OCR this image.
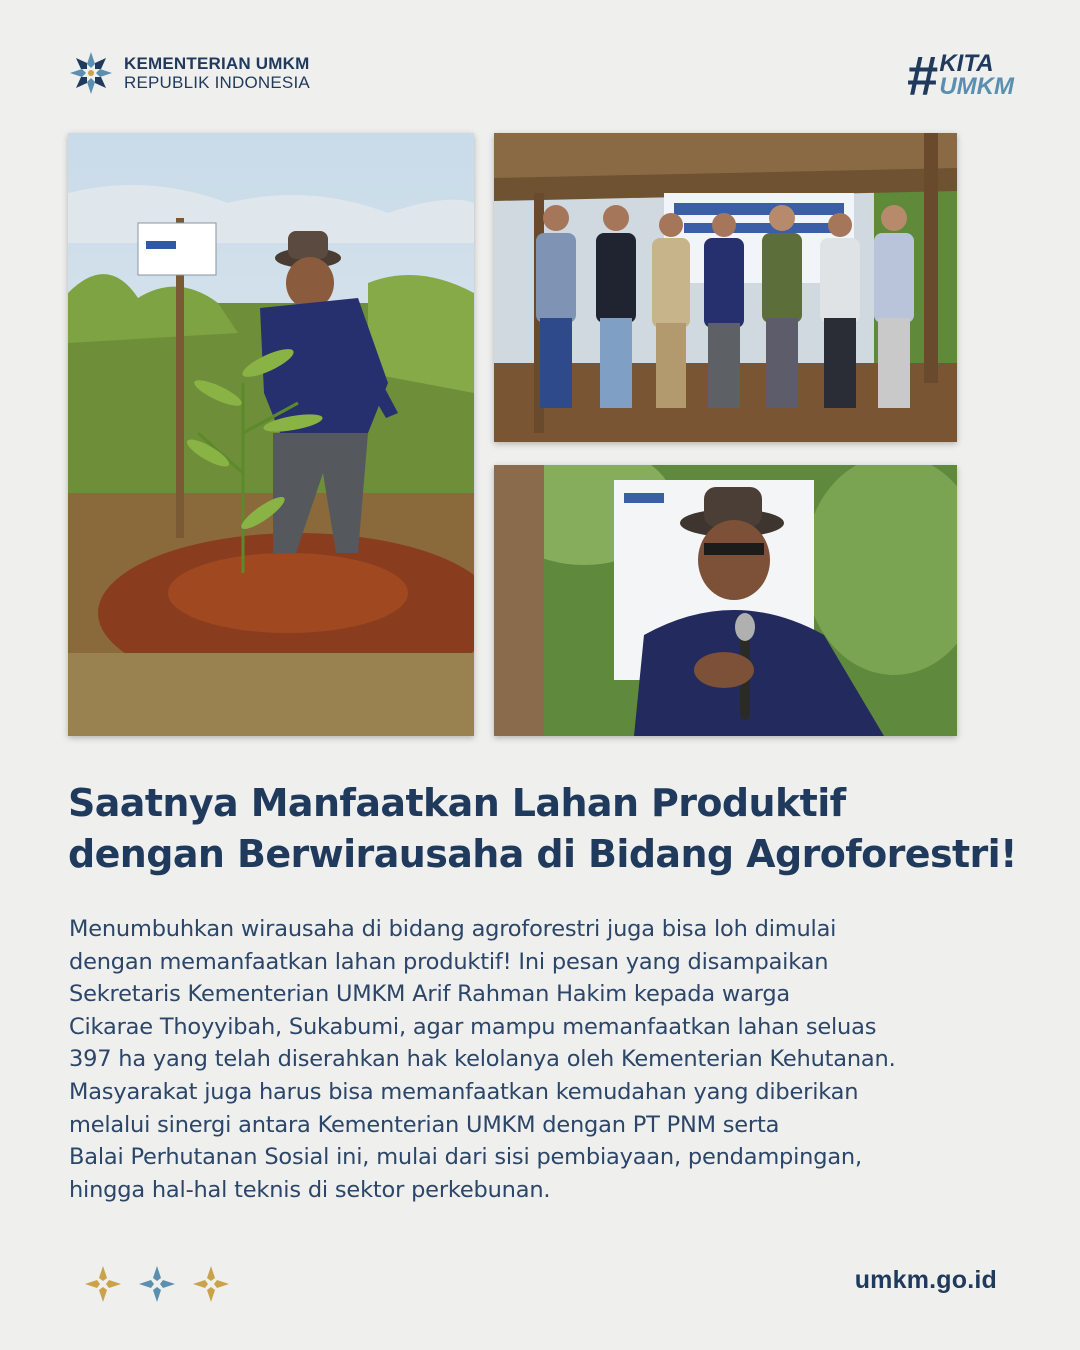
KEMENTERIAN UMKM
REPUBLIK INDONESIA	# KITA
UMKM
Saatnya Manfaatkan Lahan Produktif
dengan Berwirausaha di Bidang Agroforestri!
Menumbuhkan wirausaha di bidang agroforestri juga bisa loh dimulai
dengan memanfaatkan lahan produktif! Ini pesan yang disampaikan
Sekretaris Kementerian UMKM Arif Rahman Hakim kepada warga
Cikarae Thoyyibah, Sukabumi, agar mampu memanfaatkan lahan seluas
397 ha yang telah diserahkan hak kelolanya oleh Kementerian Kehutanan.
Masyarakat juga harus bisa memanfaatkan kemudahan yang diberikan
melalui sinergi antara Kementerian UMKM dengan PT PNM serta
Balai Perhutanan Sosial ini, mulai dari sisi pembiayaan, pendampingan,
hingga hal-hal teknis di sektor perkebunan.
umkm.go.id
